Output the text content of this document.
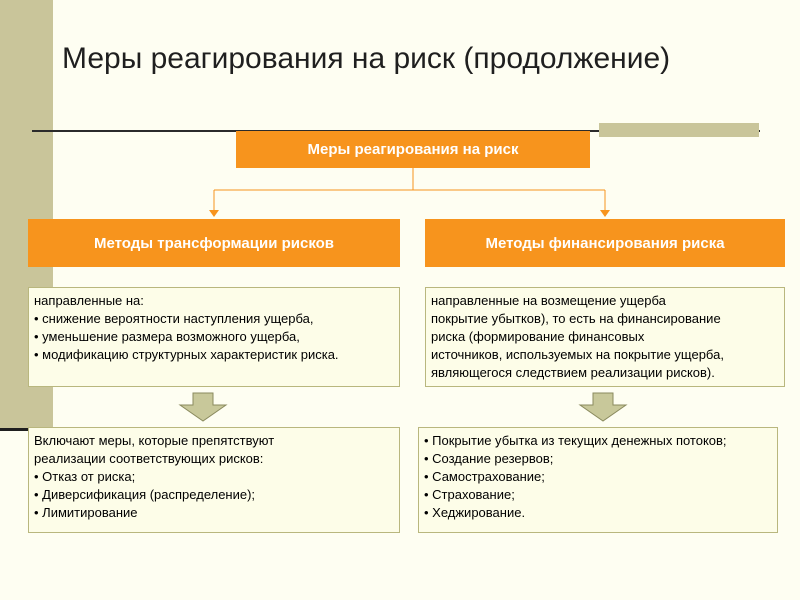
Меры реагирования на риск (продолжение)
Меры реагирования на риск
Методы трансформации рисков	Методы финансирования риска
направленные на:
• снижение вероятности наступления ущерба,
• уменьшение размера возможного ущерба,
• модификацию структурных характеристик риска.
направленные на возмещение ущерба
покрытие убытков), то есть на финансирование
риска (формирование финансовых
источников, используемых на покрытие ущерба,
являющегося следствием реализации рисков).
Включают меры, которые препятствуют
реализации соответствующих рисков:
• Отказ от риска;
• Диверсификация (распределение);
• Лимитирование
• Покрытие убытка из текущих денежных потоков;
• Создание резервов;
• Самострахование;
• Страхование;
• Хеджирование.
